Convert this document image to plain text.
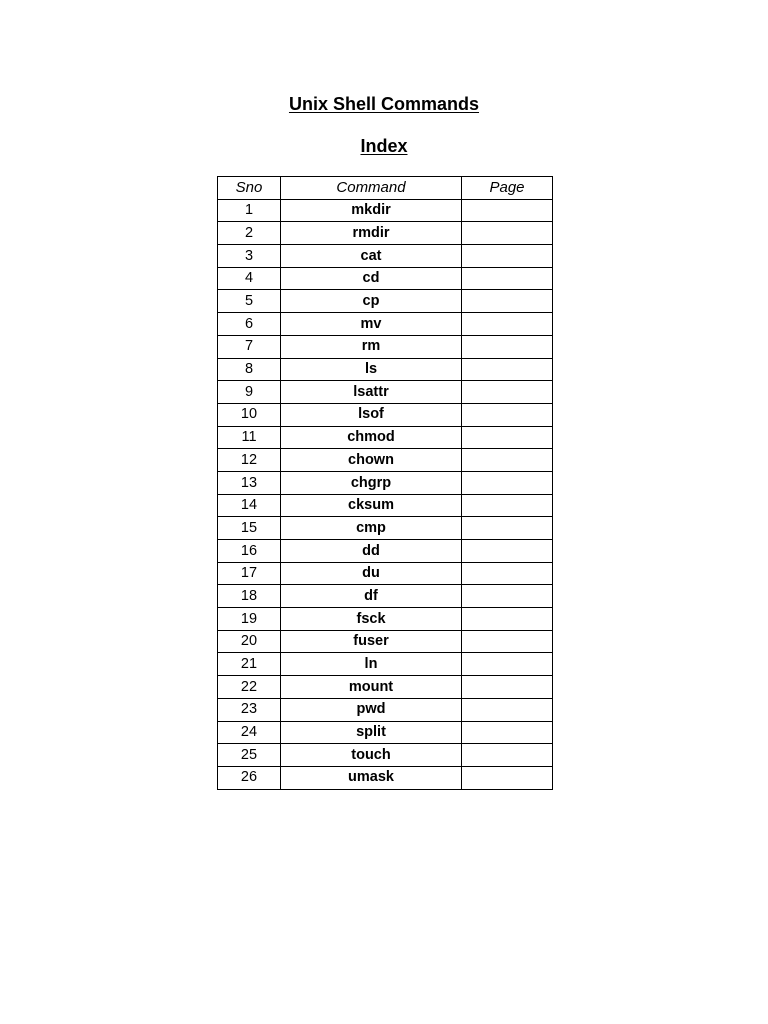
Unix Shell Commands
Index
Sno	Command	Page
1	mkdir	
2	rmdir	
3	cat	
4	cd	
5	cp	
6	mv	
7	rm	
8	ls	
9	lsattr	
10	lsof	
11	chmod	
12	chown	
13	chgrp	
14	cksum	
15	cmp	
16	dd	
17	du	
18	df	
19	fsck	
20	fuser	
21	ln	
22	mount	
23	pwd	
24	split	
25	touch	
26	umask	
